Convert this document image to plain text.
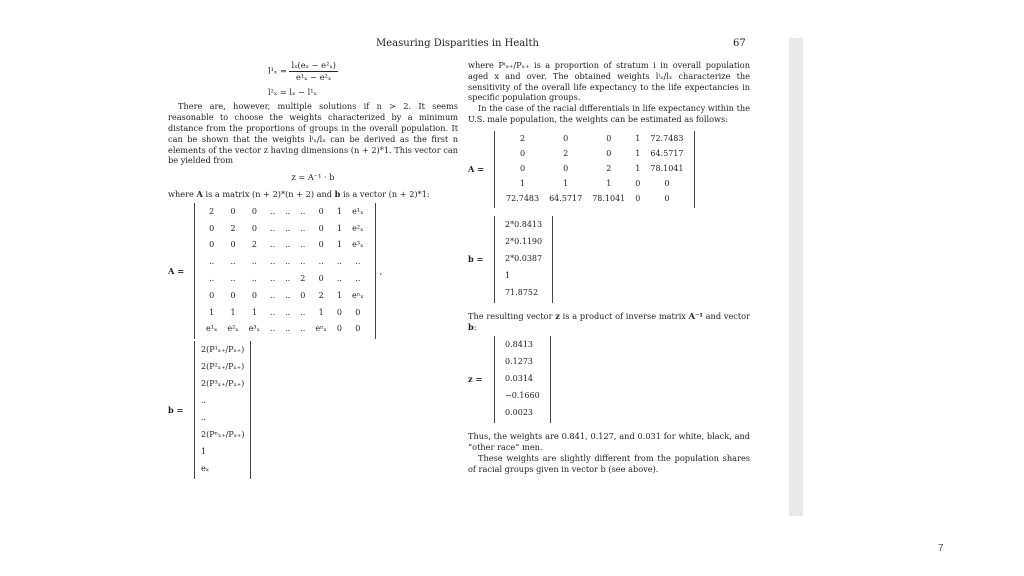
Measuring Disparities in Health	67
$l^1_x = \frac{\text{lₓ(eₓ − e²ₓ)}}{\text{e¹ₓ − e²ₓ}}$
l²ₓ = lₓ − l¹ₓ

There are, however, multiple solutions if n > 2. It seems reasonable to choose the weights characterized by a minimum distance from the proportions of groups in the overall population. It can be shown that the weights lⁱₓ/lₓ can be derived as the first n elements of the vector z having dimensions (n + 2)*1. This vector can be yielded from

z = A⁻¹ · b

where A is a matrix (n + 2)*(n + 2) and b is a vector (n + 2)*1:

A =
2	0	0	..	..	..	0	1	e¹ₓ
0	2	0	..	..	..	0	1	e²ₓ
0	0	2	..	..	..	0	1	e³ₓ
..	..	..	..	..	..	..	..	..
..	..	..	..	..	2	0	..	..
0	0	0	..	..	0	2	1	eⁿₓ
1	1	1	..	..	..	1	0	0
e¹ₓ	e²ₓ	e³ₓ	..	..	..	eⁿₓ	0	0
,
b =
2(P¹ₓ₊/Pₓ₊)
2(P²ₓ₊/Pₓ₊)
2(P³ₓ₊/Pₓ₊)
..
..
2(Pⁿₓ₊/Pₓ₊)
1
eₓ

where Pⁱₓ₊/Pₓ₊ is a proportion of stratum i in overall population aged x and over. The obtained weights lⁱₓ/lₓ characterize the sensitivity of the overall life expectancy to the life expectancies in specific population groups.

In the case of the racial differentials in life expectancy within the U.S. male population, the weights can be estimated as follows:

A =
2	0	0	1	72.7483
0	2	0	1	64.5717
0	0	2	1	78.1041
1	1	1	0	0
72.7483	64.5717	78.1041	0	0
b =
2*0.8413
2*0.1190
2*0.0387
1
71.8752

The resulting vector z is a product of inverse matrix A⁻¹ and vector b:

z =
0.8413
0.1273
0.0314
−0.1660
0.0023

Thus, the weights are 0.841, 0.127, and 0.031 for white, black, and “other race” men.

These weights are slightly different from the population shares of racial groups given in vector b (see above).

7
